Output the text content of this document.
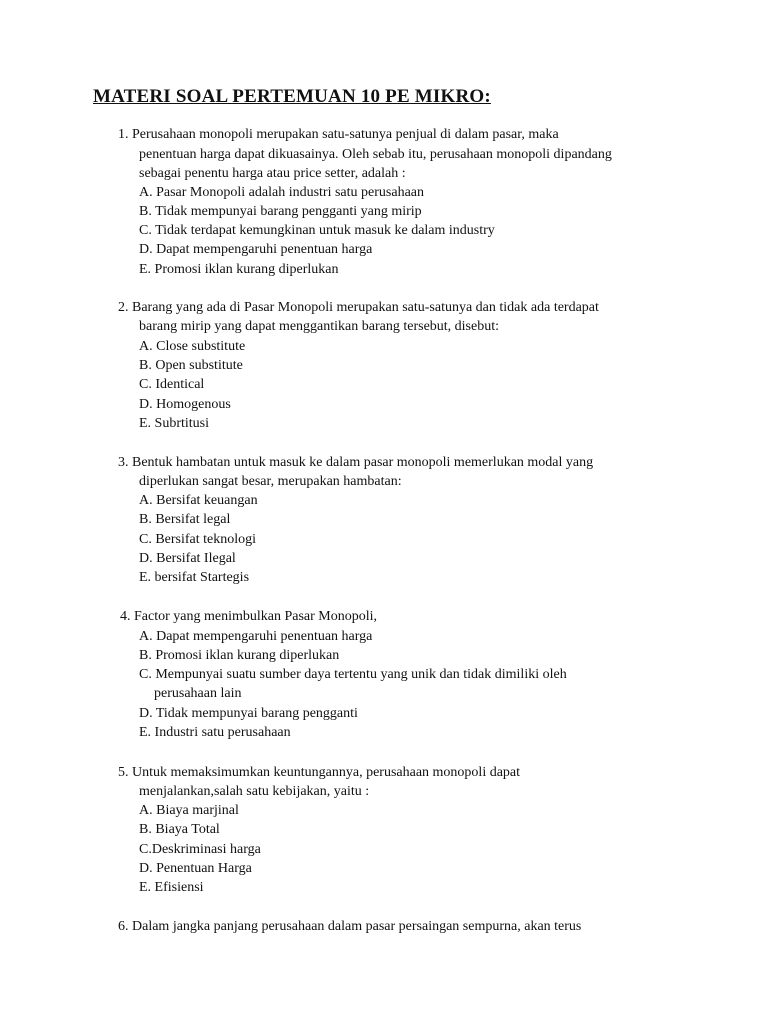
MATERI SOAL PERTEMUAN 10 PE MIKRO:
1. Perusahaan monopoli merupakan satu-satunya penjual di dalam pasar, maka
penentuan harga dapat dikuasainya. Oleh sebab itu, perusahaan monopoli dipandang
sebagai penentu harga atau price setter, adalah :
A. Pasar Monopoli adalah industri satu perusahaan
B. Tidak mempunyai barang pengganti yang mirip
C. Tidak terdapat kemungkinan untuk masuk ke dalam industry
D. Dapat mempengaruhi penentuan harga
E. Promosi iklan kurang diperlukan
2. Barang yang ada di Pasar Monopoli merupakan satu-satunya dan tidak ada terdapat
barang mirip yang dapat menggantikan barang tersebut, disebut:
A. Close substitute
B. Open substitute
C. Identical
D. Homogenous
E. Subrtitusi
3. Bentuk hambatan untuk masuk ke dalam pasar monopoli memerlukan modal yang
diperlukan sangat besar, merupakan hambatan:
A. Bersifat keuangan
B. Bersifat legal
C. Bersifat teknologi
D. Bersifat Ilegal
E. bersifat Startegis
4. Factor yang menimbulkan Pasar Monopoli,
A. Dapat mempengaruhi penentuan harga
B. Promosi iklan kurang diperlukan
C. Mempunyai suatu sumber daya tertentu yang unik dan tidak dimiliki oleh
perusahaan lain
D. Tidak mempunyai barang pengganti
E. Industri satu perusahaan
5. Untuk memaksimumkan keuntungannya, perusahaan monopoli dapat
menjalankan,salah satu kebijakan, yaitu :
A. Biaya marjinal
B. Biaya Total
C.Deskriminasi harga
D. Penentuan Harga
E. Efisiensi
6. Dalam jangka panjang perusahaan dalam pasar persaingan sempurna, akan terus
